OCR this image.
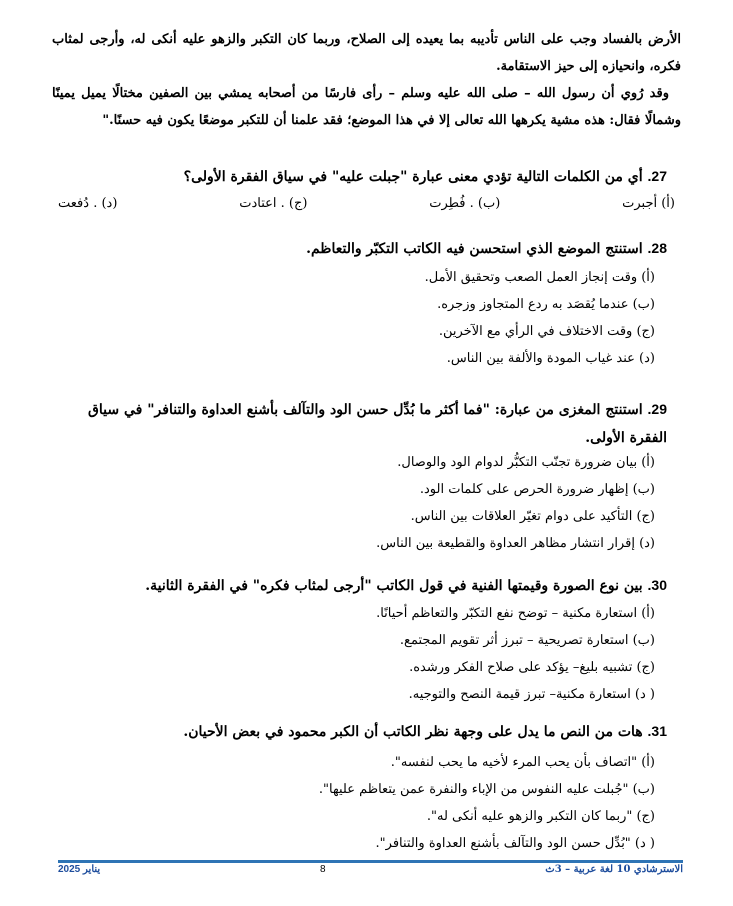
الأرض بالفساد وجب على الناس تأديبه بما يعيده إلى الصلاح، وربما كان التكبر والزهو عليه أنكى له، وأرجى لمثاب فكره، وانحيازه إلى حيز الاستقامة.

وقد رُوي أن رسول الله – صلى الله عليه وسلم – رأى فارسًا من أصحابه يمشي بين الصفين مختالًا يميل يمينًا وشمالًا فقال: هذه مشية يكرهها الله تعالى إلا في هذا الموضع؛ فقد علمنا أن للتكبر موضعًا يكون فيه حسنًا."

27. أي من الكلمات التالية تؤدي معنى عبارة "جبلت عليه" في سياق الفقرة الأولى؟

(أ) أجبرت
(ب) . فُطِرت
(ج) . اعتادت
(د) . دُفعت

28. استنتج الموضع الذي استحسن فيه الكاتب التكبّر والتعاظم.

(أ) وقت إنجاز العمل الصعب وتحقيق الأمل.
(ب) عندما يُقصَد به ردع المتجاوز وزجره.
(ج) وقت الاختلاف في الرأي مع الآخرين.
(د) عند غياب المودة والألفة بين الناس.

29. استنتج المغزى من عبارة: "فما أكثر ما بُدِّل حسن الود والتآلف بأشنع العداوة والتنافر" في سياق الفقرة الأولى.

(أ) بيان ضرورة تجنّب التكبُّر لدوام الود والوصال.
(ب) إظهار ضرورة الحرص على كلمات الود.
(ج) التأكيد على دوام تغيّر العلاقات بين الناس.
(د) إقرار انتشار مظاهر العداوة والقطيعة بين الناس.

30. بين نوع الصورة وقيمتها الفنية في قول الكاتب "أرجى لمثاب فكره" في الفقرة الثانية.

(أ) استعارة مكنية – توضح نفع التكبّر والتعاظم أحيانًا.
(ب) استعارة تصريحية – تبرز أثر تقويم المجتمع.
(ج) تشبيه بليغ– يؤكد على صلاح الفكر ورشده.
( د) استعارة مكنية– تبرز قيمة النصح والتوجيه.

31. هات من النص ما يدل على وجهة نظر الكاتب أن الكبر محمود في بعض الأحيان.

(أ) "اتصاف بأن يحب المرء لأخيه ما يحب لنفسه".
(ب) "جُبلت عليه النفوس من الإباء والنفرة عمن يتعاظم عليها".
(ج) "ربما كان التكبر والزهو عليه أنكى له".
( د) "بُدِّل حسن الود والتآلف بأشنع العداوة والتنافر".
الاسترشادي 10 لغة عربية – 3ث
8
يناير 2025
